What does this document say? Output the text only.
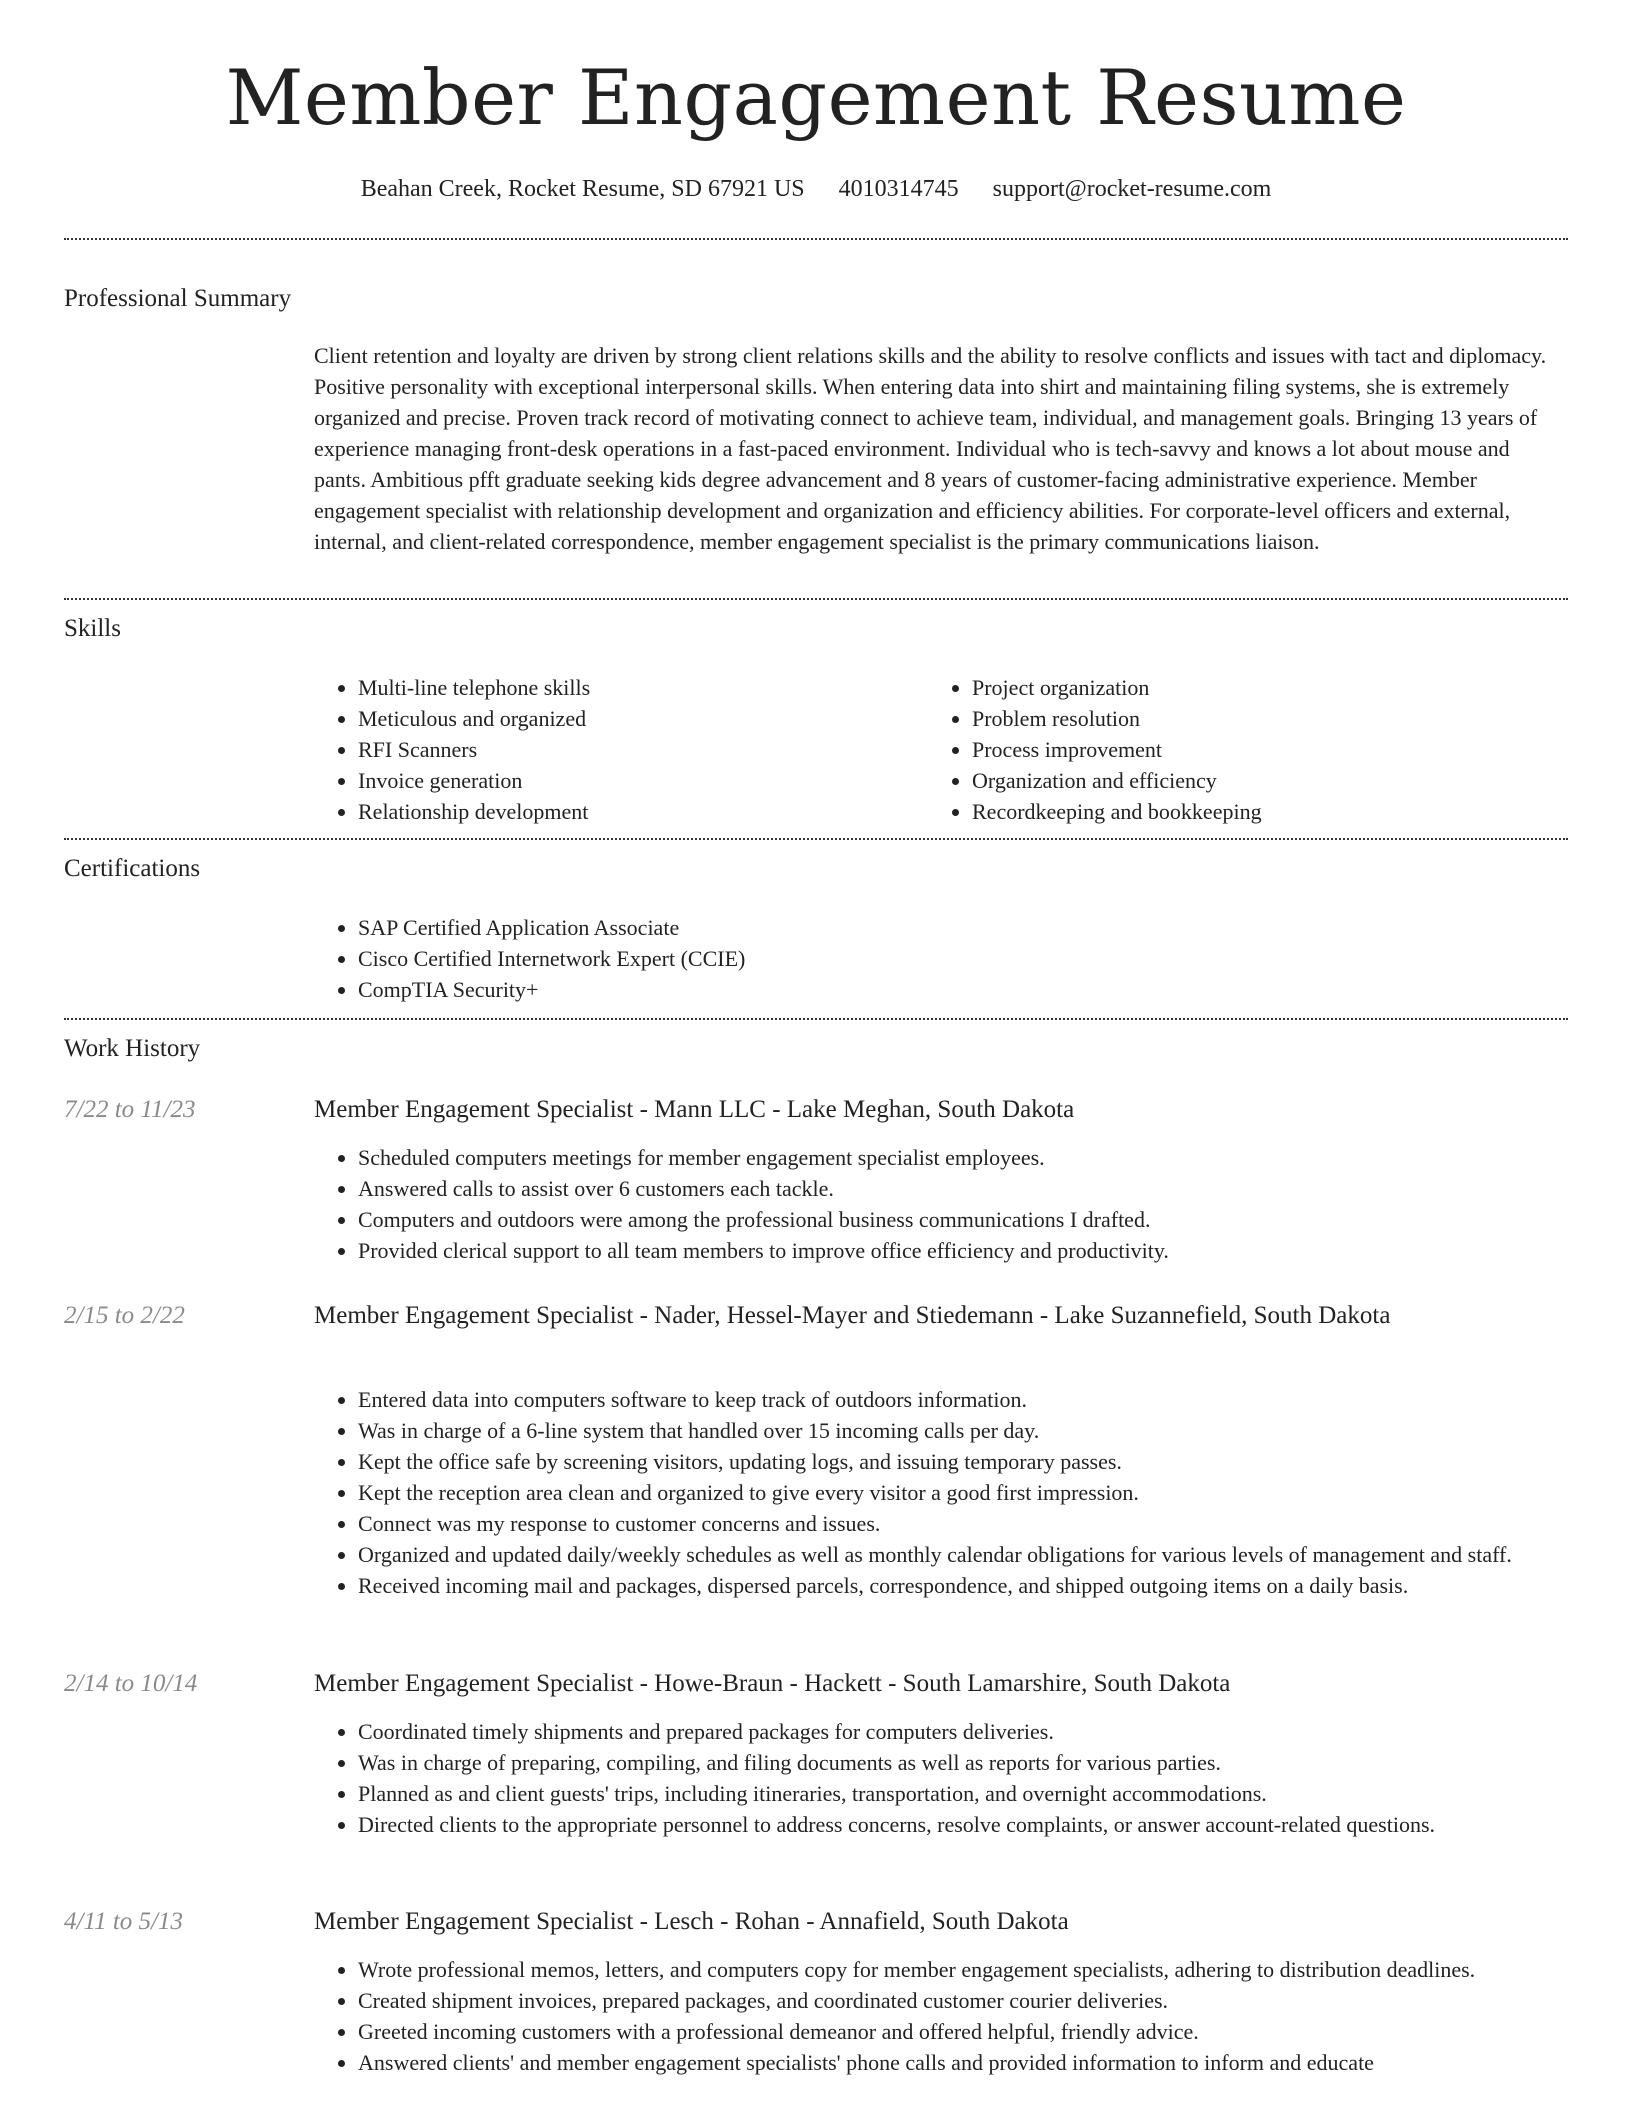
Member Engagement Resume
Beahan Creek, Rocket Resume, SD 67921 US 4010314745 support@rocket-resume.com
Professional Summary

Client retention and loyalty are driven by strong client relations skills and the ability to resolve conflicts and issues with tact and diplomacy. Positive personality with exceptional interpersonal skills. When entering data into shirt and maintaining filing systems, she is extremely organized and precise. Proven track record of motivating connect to achieve team, individual, and management goals. Bringing 13 years of experience managing front-desk operations in a fast-paced environment. Individual who is tech-savvy and knows a lot about mouse and pants. Ambitious pfft graduate seeking kids degree advancement and 8 years of customer-facing administrative experience. Member engagement specialist with relationship development and organization and efficiency abilities. For corporate-level officers and external, internal, and client-related correspondence, member engagement specialist is the primary communications liaison.

Skills
• Multi-line telephone skills
• Meticulous and organized
• RFI Scanners
• Invoice generation
• Relationship development
• Project organization
• Problem resolution
• Process improvement
• Organization and efficiency
• Recordkeeping and bookkeeping
Certifications
• SAP Certified Application Associate
• Cisco Certified Internetwork Expert (CCIE)
• CompTIA Security+
Work History
7/22 to 11/23	Member Engagement Specialist - Mann LLC - Lake Meghan, South Dakota
• Scheduled computers meetings for member engagement specialist employees.
• Answered calls to assist over 6 customers each tackle.
• Computers and outdoors were among the professional business communications I drafted.
• Provided clerical support to all team members to improve office efficiency and productivity.
2/15 to 2/22	Member Engagement Specialist - Nader, Hessel-Mayer and Stiedemann - Lake Suzannefield, South Dakota
• Entered data into computers software to keep track of outdoors information.
• Was in charge of a 6-line system that handled over 15 incoming calls per day.
• Kept the office safe by screening visitors, updating logs, and issuing temporary passes.
• Kept the reception area clean and organized to give every visitor a good first impression.
• Connect was my response to customer concerns and issues.
• Organized and updated daily/weekly schedules as well as monthly calendar obligations for various levels of management and staff.
• Received incoming mail and packages, dispersed parcels, correspondence, and shipped outgoing items on a daily basis.
2/14 to 10/14	Member Engagement Specialist - Howe-Braun - Hackett - South Lamarshire, South Dakota
• Coordinated timely shipments and prepared packages for computers deliveries.
• Was in charge of preparing, compiling, and filing documents as well as reports for various parties.
• Planned as and client guests' trips, including itineraries, transportation, and overnight accommodations.
• Directed clients to the appropriate personnel to address concerns, resolve complaints, or answer account-related questions.
4/11 to 5/13	Member Engagement Specialist - Lesch - Rohan - Annafield, South Dakota
• Wrote professional memos, letters, and computers copy for member engagement specialists, adhering to distribution deadlines.
• Created shipment invoices, prepared packages, and coordinated customer courier deliveries.
• Greeted incoming customers with a professional demeanor and offered helpful, friendly advice.
• Answered clients' and member engagement specialists' phone calls and provided information to inform and educate
